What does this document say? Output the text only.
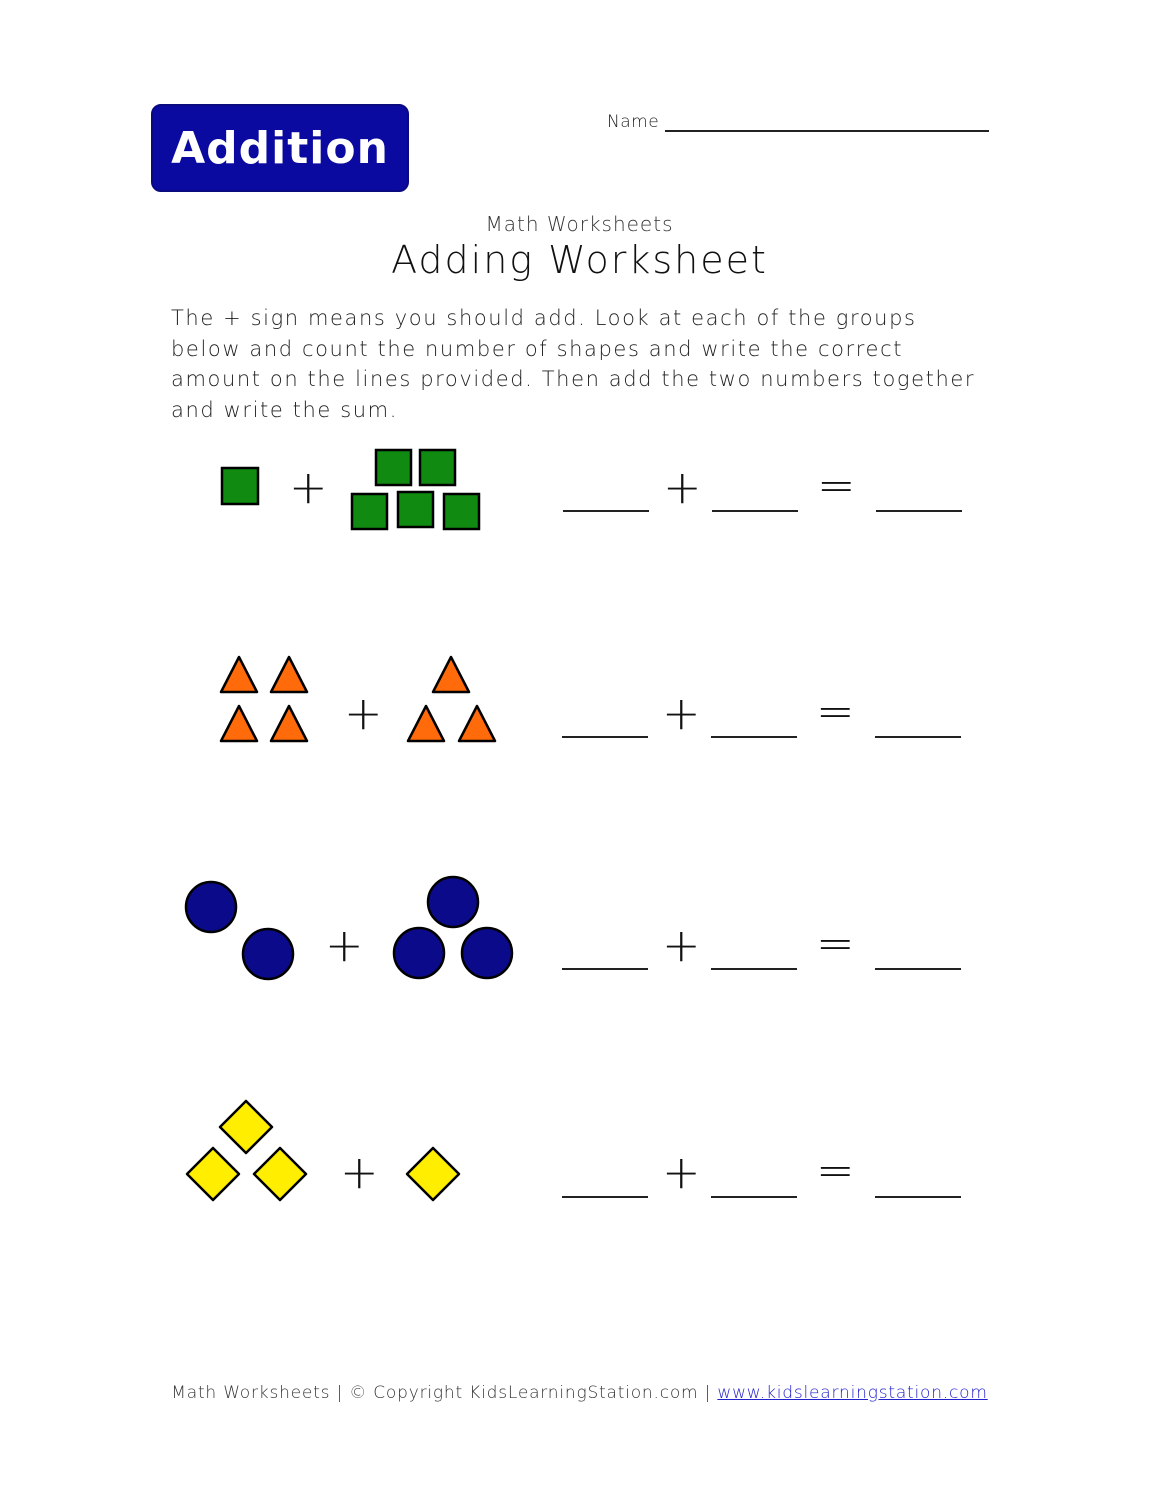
Addition
Name
Math Worksheets
Adding Worksheet
The + sign means you should add. Look at each of the groups below and count the number of shapes and write the correct amount on the lines provided. Then add the two numbers together and write the sum.
+	+	=
+	+	=
+	+	=
+	+	=
Math Worksheets | © Copyright KidsLearningStation.com | www.kidslearningstation.com
